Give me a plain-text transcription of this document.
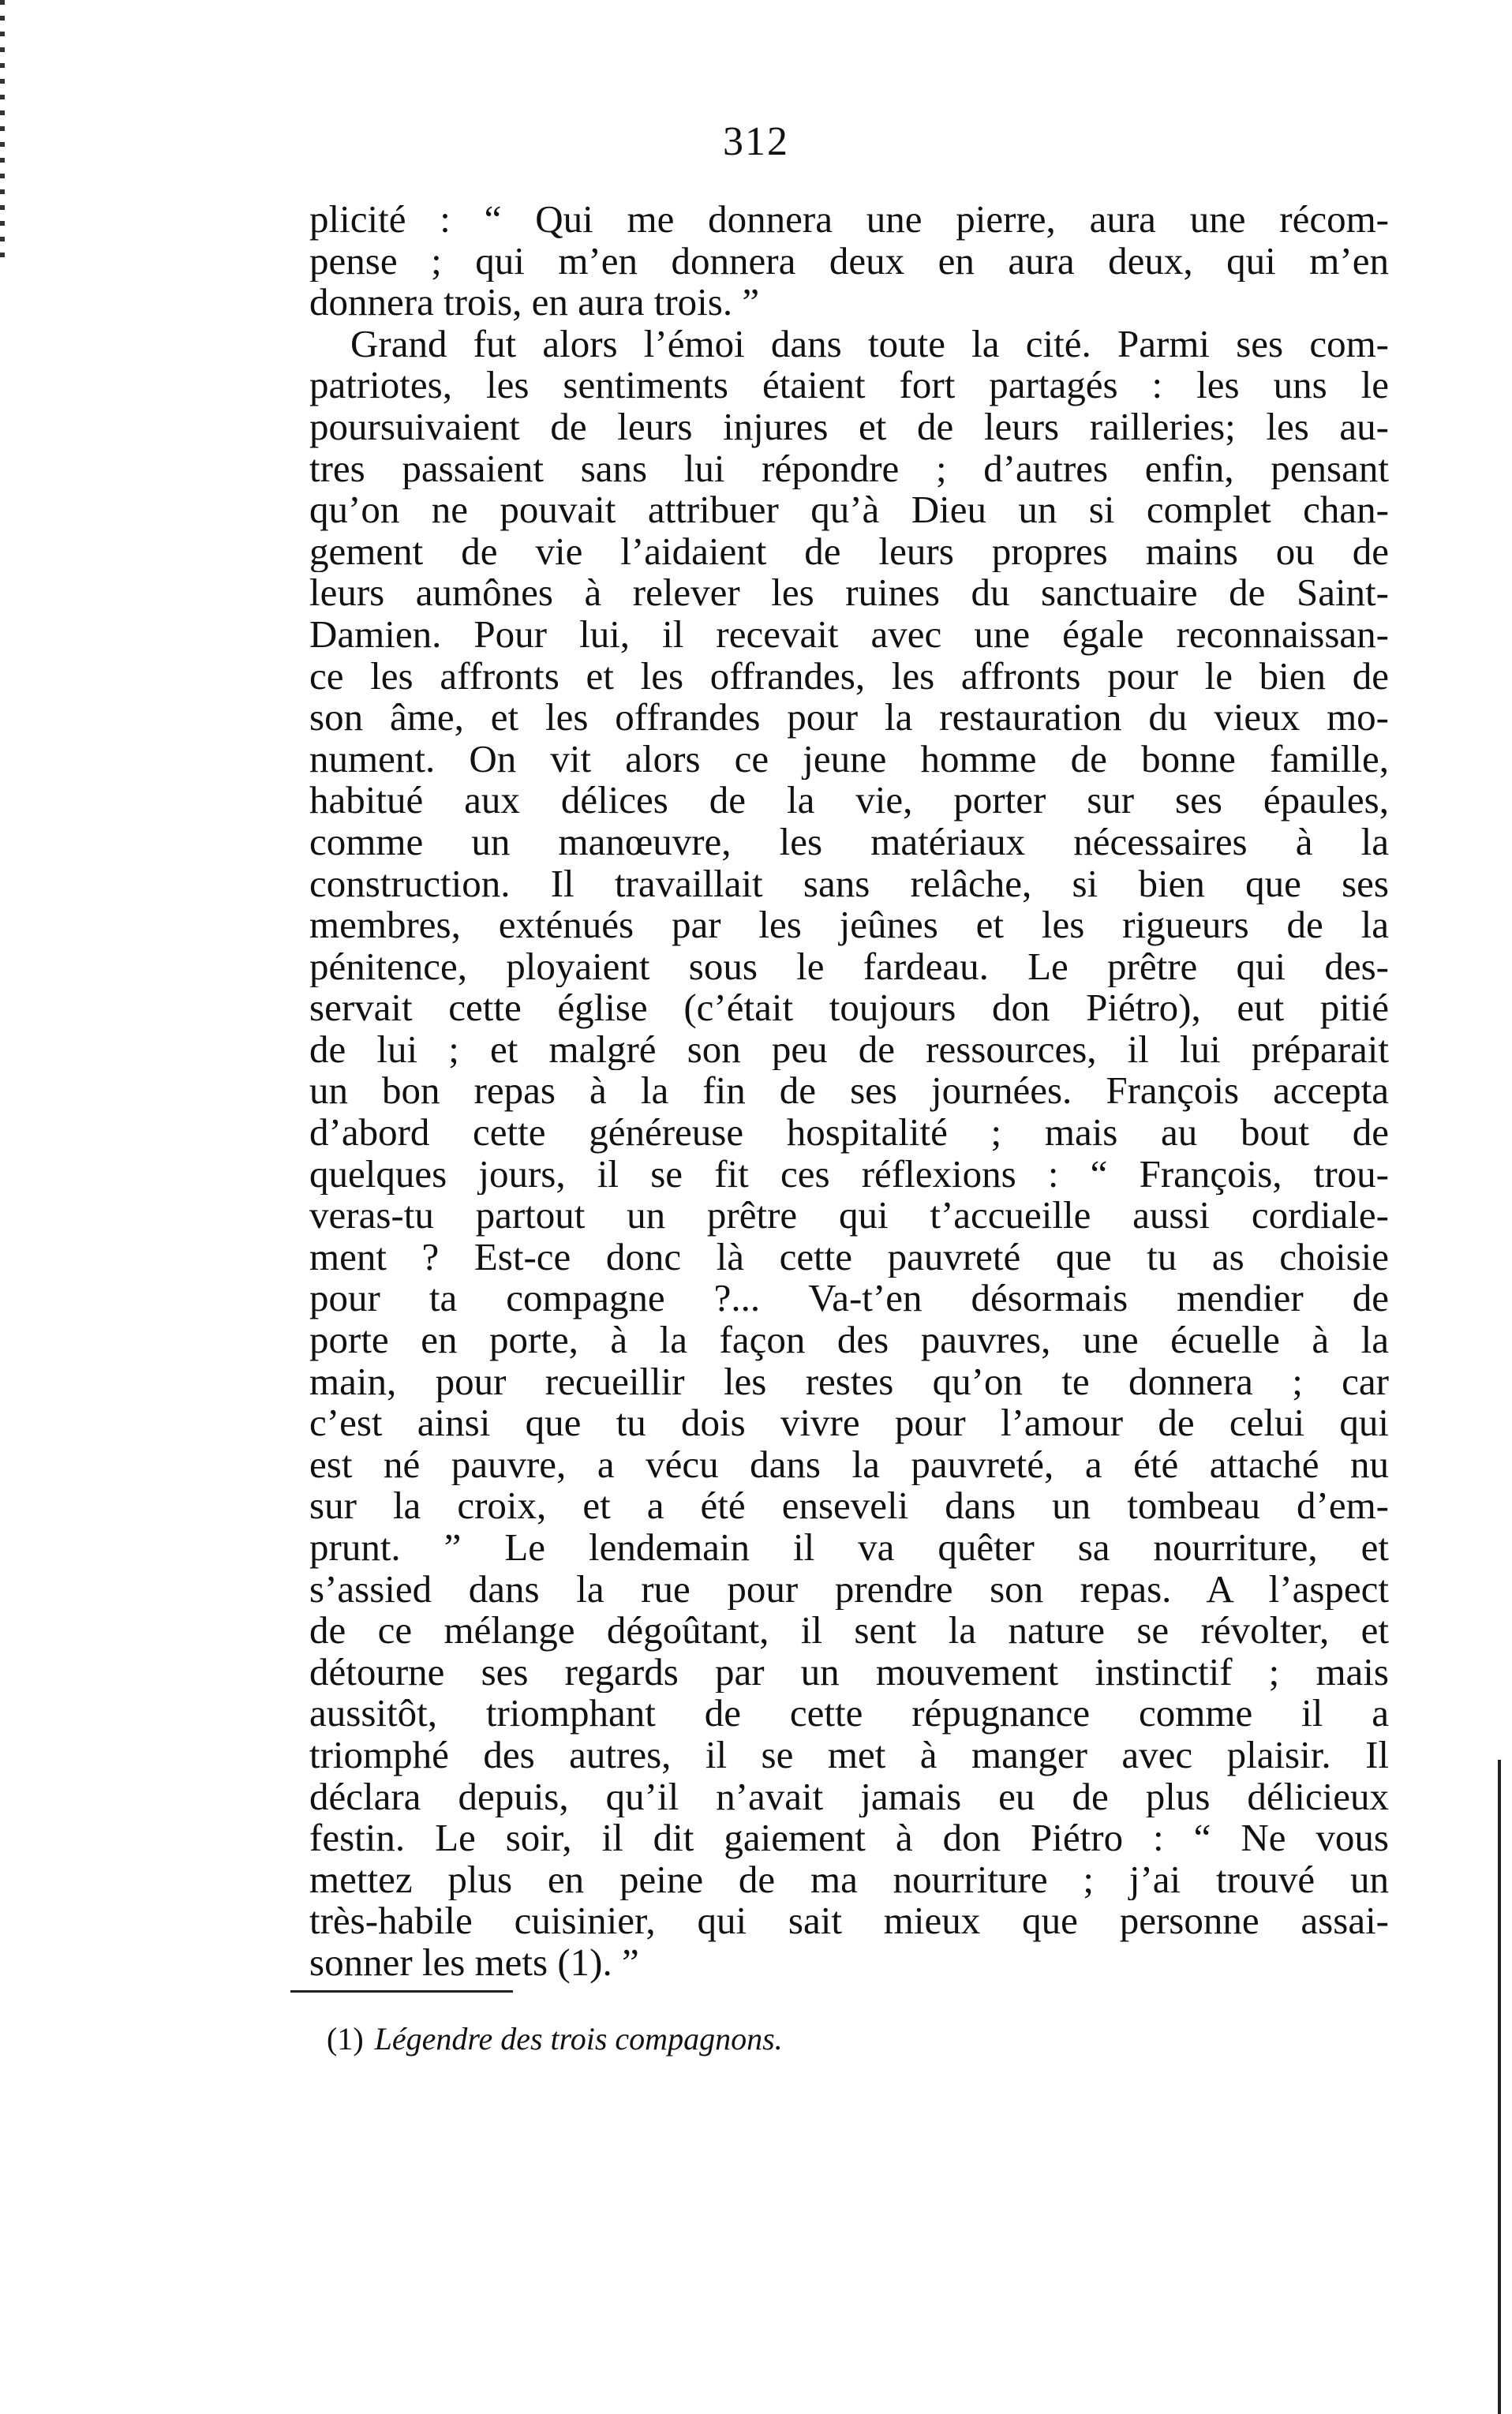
312
plicité : “ Qui me donnera une pierre, aura une récom-
pense ; qui m’en donnera deux en aura deux, qui m’en
donnera trois, en aura trois. ”
Grand fut alors l’émoi dans toute la cité. Parmi ses com-
patriotes, les sentiments étaient fort partagés : les uns le
poursuivaient de leurs injures et de leurs railleries; les au-
tres passaient sans lui répondre ; d’autres enfin, pensant
qu’on ne pouvait attribuer qu’à Dieu un si complet chan-
gement de vie l’aidaient de leurs propres mains ou de
leurs aumônes à relever les ruines du sanctuaire de Saint-
Damien. Pour lui, il recevait avec une égale reconnaissan-
ce les affronts et les offrandes, les affronts pour le bien de
son âme, et les offrandes pour la restauration du vieux mo-
nument. On vit alors ce jeune homme de bonne famille,
habitué aux délices de la vie, porter sur ses épaules,
comme un manœuvre, les matériaux nécessaires à la
construction. Il travaillait sans relâche, si bien que ses
membres, exténués par les jeûnes et les rigueurs de la
pénitence, ployaient sous le fardeau. Le prêtre qui des-
servait cette église (c’était toujours don Piétro), eut pitié
de lui ; et malgré son peu de ressources, il lui préparait
un bon repas à la fin de ses journées. François accepta
d’abord cette généreuse hospitalité ; mais au bout de
quelques jours, il se fit ces réflexions : “ François, trou-
veras-tu partout un prêtre qui t’accueille aussi cordiale-
ment ? Est-ce donc là cette pauvreté que tu as choisie
pour ta compagne ?... Va-t’en désormais mendier de
porte en porte, à la façon des pauvres, une écuelle à la
main, pour recueillir les restes qu’on te donnera ; car
c’est ainsi que tu dois vivre pour l’amour de celui qui
est né pauvre, a vécu dans la pauvreté, a été attaché nu
sur la croix, et a été enseveli dans un tombeau d’em-
prunt. ” Le lendemain il va quêter sa nourriture, et
s’assied dans la rue pour prendre son repas. A l’aspect
de ce mélange dégoûtant, il sent la nature se révolter, et
détourne ses regards par un mouvement instinctif ; mais
aussitôt, triomphant de cette répugnance comme il a
triomphé des autres, il se met à manger avec plaisir. Il
déclara depuis, qu’il n’avait jamais eu de plus délicieux
festin. Le soir, il dit gaiement à don Piétro : “ Ne vous
mettez plus en peine de ma nourriture ; j’ai trouvé un
très-habile cuisinier, qui sait mieux que personne assai-
sonner les mets (1). ”
(1) Légendre des trois compagnons.
